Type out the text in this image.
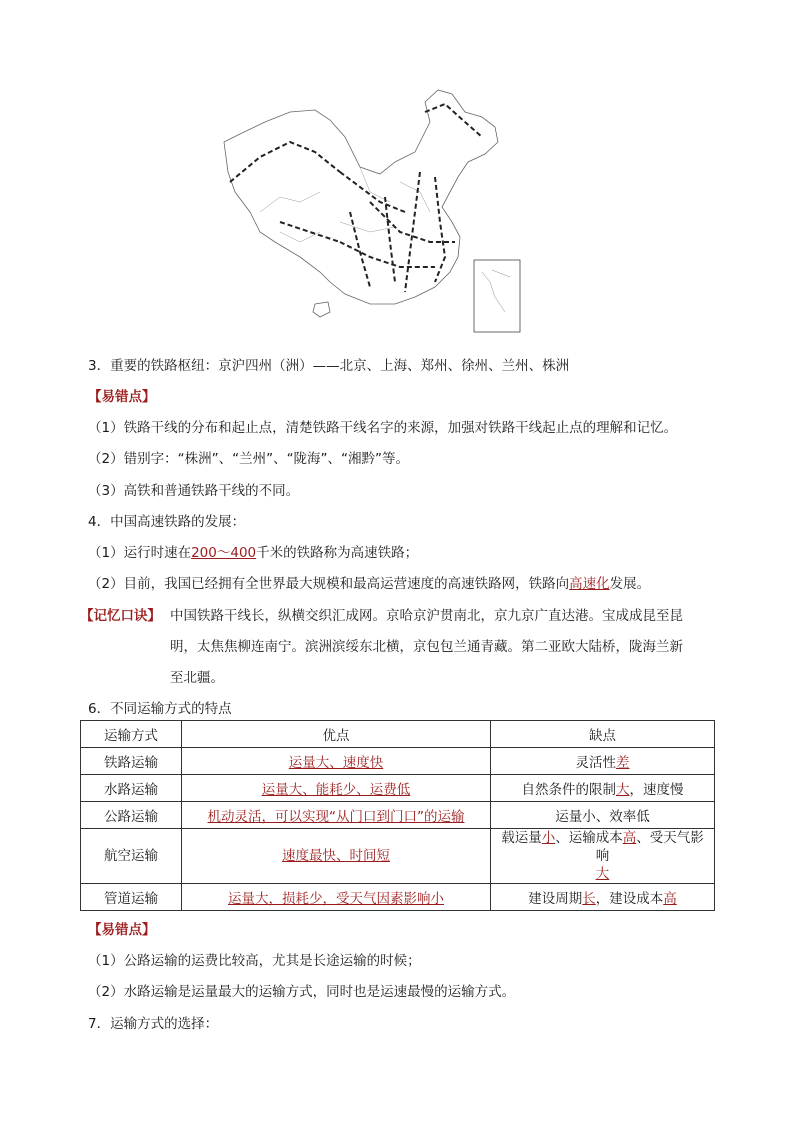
3．重要的铁路枢纽：京沪四州（洲）——北京、上海、郑州、徐州、兰州、株洲
【易错点】
（1）铁路干线的分布和起止点，清楚铁路干线名字的来源，加强对铁路干线起止点的理解和记忆。
（2）错别字：“株洲”、“兰州”、“陇海”、“湘黔”等。
（3）高铁和普通铁路干线的不同。
4．中国高速铁路的发展：
（1）运行时速在200～400千米的铁路称为高速铁路；
（2）目前，我国已经拥有全世界最大规模和最高运营速度的高速铁路网，铁路向高速化发展。
【记忆口诀】 中国铁路干线长，纵横交织汇成网。京哈京沪贯南北，京九京广直达港。宝成成昆至昆
明，太焦焦柳连南宁。滨洲滨绥东北横，京包包兰通青藏。第二亚欧大陆桥，陇海兰新
至北疆。
6．不同运输方式的特点
运输方式	优点	缺点
铁路运输	运量大、速度快	灵活性差
水路运输	运量大、能耗少、运费低	自然条件的限制大，速度慢
公路运输	机动灵活，可以实现“从门口到门口”的运输	运量小、效率低
航空运输	速度最快、时间短	载运量小、运输成本高、受天气影响
大
管道运输	运量大，损耗少，受天气因素影响小	建设周期长，建设成本高
【易错点】
（1）公路运输的运费比较高，尤其是长途运输的时候；
（2）水路运输是运量最大的运输方式，同时也是运速最慢的运输方式。
7．运输方式的选择：
